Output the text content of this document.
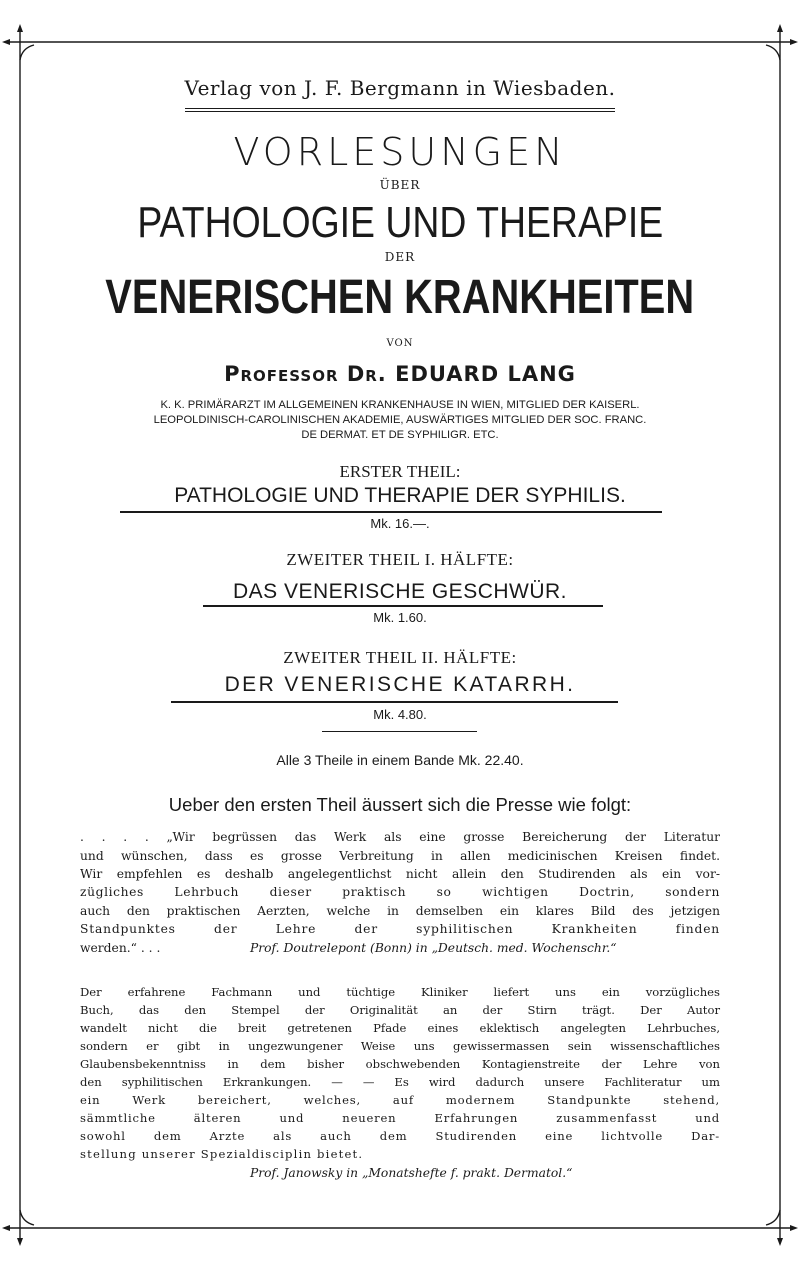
Verlag von J. F. Bergmann in Wiesbaden.
VORLESUNGEN
ÜBER
PATHOLOGIE UND THERAPIE
DER
VENERISCHEN KRANKHEITEN
VON
Professor Dr. EDUARD LANG
K. K. PRIMÄRARZT IM ALLGEMEINEN KRANKENHAUSE IN WIEN, MITGLIED DER KAISERL.
LEOPOLDINISCH-CAROLINISCHEN AKADEMIE, AUSWÄRTIGES MITGLIED DER SOC. FRANC.
DE DERMAT. ET DE SYPHILIGR. ETC.
ERSTER THEIL:
PATHOLOGIE UND THERAPIE DER SYPHILIS.
Mk. 16.—.
ZWEITER THEIL I. HÄLFTE:
DAS VENERISCHE GESCHWÜR.
Mk. 1.60.
ZWEITER THEIL II. HÄLFTE:
DER VENERISCHE KATARRH.
Mk. 4.80.
Alle 3 Theile in einem Bande Mk. 22.40.
Ueber den ersten Theil äussert sich die Presse wie folgt:
. . . . „Wir begrüssen das Werk als eine grosse Bereicherung der Literatur
und wünschen, dass es grosse Verbreitung in allen medicinischen Kreisen findet.
Wir empfehlen es deshalb angelegentlichst nicht allein den Studirenden als ein vor-
zügliches Lehrbuch dieser praktisch so wichtigen Doctrin, sondern
auch den praktischen Aerzten, welche in demselben ein klares Bild des jetzigen
Standpunktes der Lehre der syphilitischen Krankheiten finden
werden.“ . . .	Prof. Doutrelepont (Bonn) in „Deutsch. med. Wochenschr.“
Der erfahrene Fachmann und tüchtige Kliniker liefert uns ein vorzügliches
Buch, das den Stempel der Originalität an der Stirn trägt. Der Autor
wandelt nicht die breit getretenen Pfade eines eklektisch angelegten Lehrbuches,
sondern er gibt in ungezwungener Weise uns gewissermassen sein wissenschaftliches
Glaubensbekenntniss in dem bisher obschwebenden Kontagienstreite der Lehre von
den syphilitischen Erkrankungen. — — Es wird dadurch unsere Fachliteratur um
ein Werk bereichert, welches, auf modernem Standpunkte stehend,
sämmtliche älteren und neueren Erfahrungen zusammenfasst und
sowohl dem Arzte als auch dem Studirenden eine lichtvolle Dar-
stellung unserer Spezialdisciplin bietet.
Prof. Janowsky in „Monatshefte f. prakt. Dermatol.“
